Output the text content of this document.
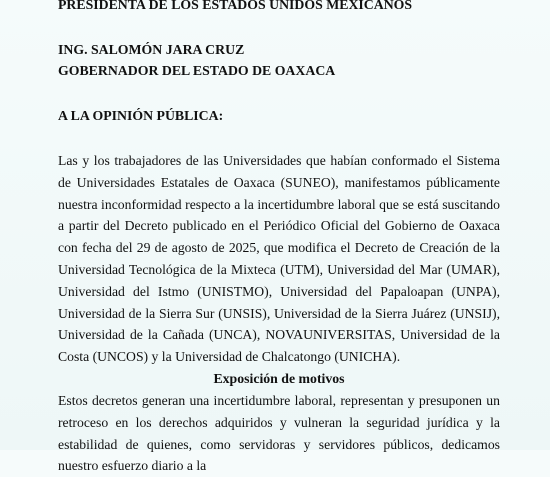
PRESIDENTA DE LOS ESTADOS UNIDOS MEXICANOS

ING. SALOMÓN JARA CRUZ

GOBERNADOR DEL ESTADO DE OAXACA

A LA OPINIÓN PÚBLICA:

Las y los trabajadores de las Universidades que habían conformado el Sistema de Universidades Estatales de Oaxaca (SUNEO), manifestamos públicamente nuestra inconformidad respecto a la incertidumbre laboral que se está suscitando a partir del Decreto publicado en el Periódico Oficial del Gobierno de Oaxaca con fecha del 29 de agosto de 2025, que modifica el Decreto de Creación de la Universidad Tecnológica de la Mixteca (UTM), Universidad del Mar (UMAR), Universidad del Istmo (UNISTMO), Universidad del Papaloapan (UNPA), Universidad de la Sierra Sur (UNSIS), Universidad de la Sierra Juárez (UNSIJ), Universidad de la Cañada (UNCA), NOVAUNIVERSITAS, Universidad de la Costa (UNCOS) y la Universidad de Chalcatongo (UNICHA).

Exposición de motivos

Estos decretos generan una incertidumbre laboral, representan y presuponen un retroceso en los derechos adquiridos y vulneran la seguridad jurídica y la estabilidad de quienes, como servidoras y servidores públicos, dedicamos nuestro esfuerzo diario a la
